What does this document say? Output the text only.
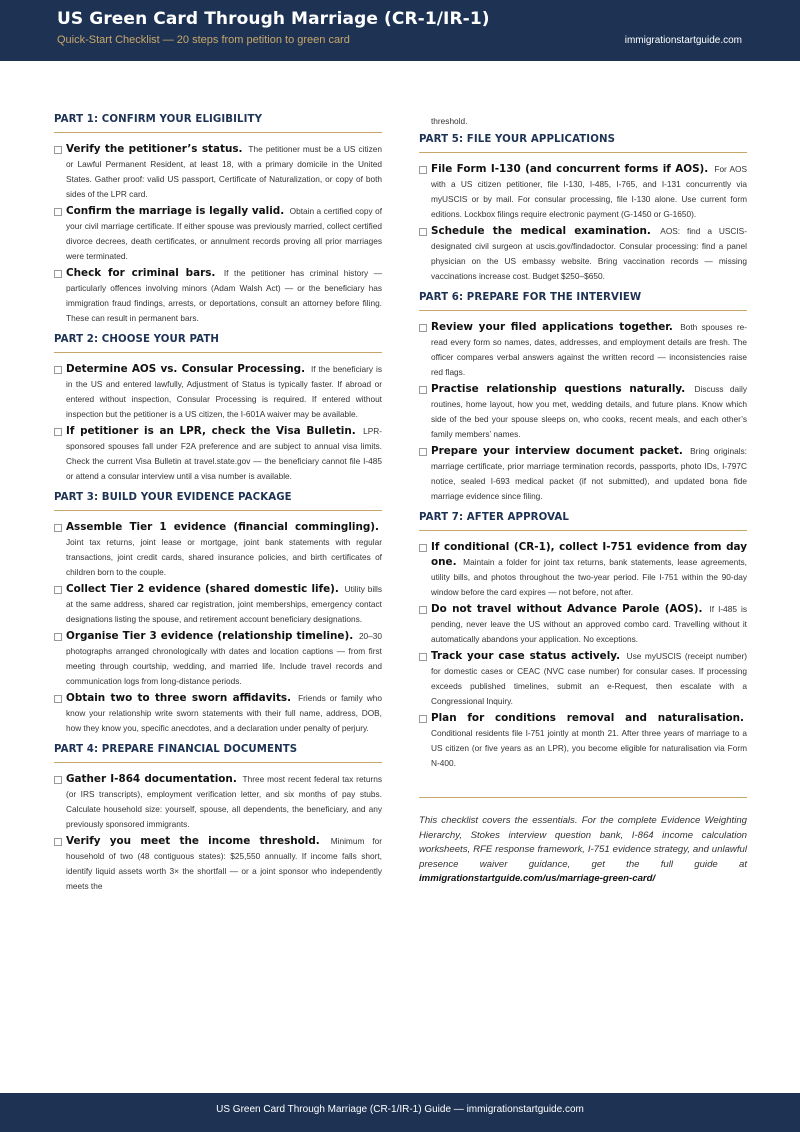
US Green Card Through Marriage (CR-1/IR-1)
Quick-Start Checklist — 20 steps from petition to green card	immigrationstartguide.com
PART 1: CONFIRM YOUR ELIGIBILITY
Verify the petitioner’s status. The petitioner must be a US citizen or Lawful Permanent Resident, at least 18, with a primary domicile in the United States. Gather proof: valid US passport, Certificate of Naturalization, or copy of both sides of the LPR card.
Confirm the marriage is legally valid. Obtain a certified copy of your civil marriage certificate. If either spouse was previously married, collect certified divorce decrees, death certificates, or annulment records proving all prior marriages were terminated.
Check for criminal bars. If the petitioner has criminal history — particularly offences involving minors (Adam Walsh Act) — or the beneficiary has immigration fraud findings, arrests, or deportations, consult an attorney before filing. These can result in permanent bars.
PART 2: CHOOSE YOUR PATH
Determine AOS vs. Consular Processing. If the beneficiary is in the US and entered lawfully, Adjustment of Status is typically faster. If abroad or entered without inspection, Consular Processing is required. If entered without inspection but the petitioner is a US citizen, the I-601A waiver may be available.
If petitioner is an LPR, check the Visa Bulletin. LPR-sponsored spouses fall under F2A preference and are subject to annual visa limits. Check the current Visa Bulletin at travel.state.gov — the beneficiary cannot file I-485 or attend a consular interview until a visa number is available.
PART 3: BUILD YOUR EVIDENCE PACKAGE
Assemble Tier 1 evidence (financial commingling). Joint tax returns, joint lease or mortgage, joint bank statements with regular transactions, joint credit cards, shared insurance policies, and birth certificates of children born to the couple.
Collect Tier 2 evidence (shared domestic life). Utility bills at the same address, shared car registration, joint memberships, emergency contact designations listing the spouse, and retirement account beneficiary designations.
Organise Tier 3 evidence (relationship timeline). 20–30 photographs arranged chronologically with dates and location captions — from first meeting through courtship, wedding, and married life. Include travel records and communication logs from long-distance periods.
Obtain two to three sworn affidavits. Friends or family who know your relationship write sworn statements with their full name, address, DOB, how they know you, specific anecdotes, and a declaration under penalty of perjury.
PART 4: PREPARE FINANCIAL DOCUMENTS
Gather I-864 documentation. Three most recent federal tax returns (or IRS transcripts), employment verification letter, and six months of pay stubs. Calculate household size: yourself, spouse, all dependents, the beneficiary, and any previously sponsored immigrants.
Verify you meet the income threshold. Minimum for household of two (48 contiguous states): $25,550 annually. If income falls short, identify liquid assets worth 3× the shortfall — or a joint sponsor who independently meets the
threshold.
PART 5: FILE YOUR APPLICATIONS
File Form I-130 (and concurrent forms if AOS). For AOS with a US citizen petitioner, file I-130, I-485, I-765, and I-131 concurrently via myUSCIS or by mail. For consular processing, file I-130 alone. Use current form editions. Lockbox filings require electronic payment (G-1450 or G-1650).
Schedule the medical examination. AOS: find a USCIS-designated civil surgeon at uscis.gov/findadoctor. Consular processing: find a panel physician on the US embassy website. Bring vaccination records — missing vaccinations increase cost. Budget $250–$650.
PART 6: PREPARE FOR THE INTERVIEW
Review your filed applications together. Both spouses re-read every form so names, dates, addresses, and employment details are fresh. The officer compares verbal answers against the written record — inconsistencies raise red flags.
Practise relationship questions naturally. Discuss daily routines, home layout, how you met, wedding details, and future plans. Know which side of the bed your spouse sleeps on, who cooks, recent meals, and each other’s family members’ names.
Prepare your interview document packet. Bring originals: marriage certificate, prior marriage termination records, passports, photo IDs, I-797C notice, sealed I-693 medical packet (if not submitted), and updated bona fide marriage evidence since filing.
PART 7: AFTER APPROVAL
If conditional (CR-1), collect I-751 evidence from day one. Maintain a folder for joint tax returns, bank statements, lease agreements, utility bills, and photos throughout the two-year period. File I-751 within the 90-day window before the card expires — not before, not after.
Do not travel without Advance Parole (AOS). If I-485 is pending, never leave the US without an approved combo card. Travelling without it automatically abandons your application. No exceptions.
Track your case status actively. Use myUSCIS (receipt number) for domestic cases or CEAC (NVC case number) for consular cases. If processing exceeds published timelines, submit an e-Request, then escalate with a Congressional Inquiry.
Plan for conditions removal and naturalisation. Conditional residents file I-751 jointly at month 21. After three years of marriage to a US citizen (or five years as an LPR), you become eligible for naturalisation via Form N-400.
This checklist covers the essentials. For the complete Evidence Weighting Hierarchy, Stokes interview question bank, I-864 income calculation worksheets, RFE response framework, I-751 evidence strategy, and unlawful presence waiver guidance, get the full guide at immigrationstartguide.com/us/marriage-green-card/
US Green Card Through Marriage (CR-1/IR-1) Guide — immigrationstartguide.com
